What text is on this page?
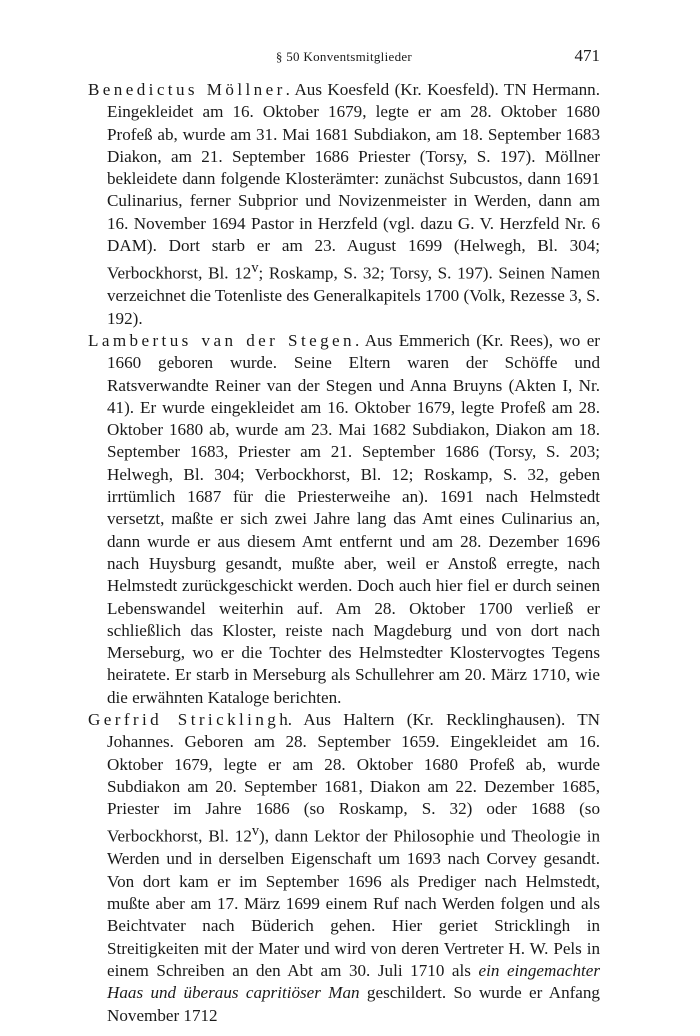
§ 50 Konventsmitglieder	471

Benedictus Möllner. Aus Koesfeld (Kr. Koesfeld). TN Hermann. Eingekleidet am 16. Oktober 1679, legte er am 28. Oktober 1680 Profeß ab, wurde am 31. Mai 1681 Subdiakon, am 18. September 1683 Diakon, am 21. September 1686 Priester (Torsy, S. 197). Möllner bekleidete dann folgende Klosterämter: zunächst Subcustos, dann 1691 Culinarius, ferner Subprior und Novizenmeister in Werden, dann am 16. November 1694 Pastor in Herzfeld (vgl. dazu G. V. Herzfeld Nr. 6 DAM). Dort starb er am 23. August 1699 (Helwegh, Bl. 304; Verbockhorst, Bl. 12$^v$; Roskamp, S. 32; Torsy, S. 197). Seinen Namen verzeichnet die Totenliste des Generalkapitels 1700 (Volk, Rezesse 3, S. 192).

Lambertus van der Stegen. Aus Emmerich (Kr. Rees), wo er 1660 geboren wurde. Seine Eltern waren der Schöffe und Ratsverwandte Reiner van der Stegen und Anna Bruyns (Akten I, Nr. 41). Er wurde eingekleidet am 16. Oktober 1679, legte Profeß am 28. Oktober 1680 ab, wurde am 23. Mai 1682 Subdiakon, Diakon am 18. September 1683, Priester am 21. September 1686 (Torsy, S. 203; Helwegh, Bl. 304; Verbockhorst, Bl. 12; Roskamp, S. 32, geben irrtümlich 1687 für die Priesterweihe an). 1691 nach Helmstedt versetzt, maßte er sich zwei Jahre lang das Amt eines Culinarius an, dann wurde er aus diesem Amt entfernt und am 28. Dezember 1696 nach Huysburg gesandt, mußte aber, weil er Anstoß erregte, nach Helmstedt zurückgeschickt werden. Doch auch hier fiel er durch seinen Lebenswandel weiterhin auf. Am 28. Oktober 1700 verließ er schließlich das Kloster, reiste nach Magdeburg und von dort nach Merseburg, wo er die Tochter des Helmstedter Klostervogtes Tegens heiratete. Er starb in Merseburg als Schullehrer am 20. März 1710, wie die erwähnten Kataloge berichten.

Gerfrid Stricklingh. Aus Haltern (Kr. Recklinghausen). TN Johannes. Geboren am 28. September 1659. Eingekleidet am 16. Oktober 1679, legte er am 28. Oktober 1680 Profeß ab, wurde Subdiakon am 20. September 1681, Diakon am 22. Dezember 1685, Priester im Jahre 1686 (so Roskamp, S. 32) oder 1688 (so Verbockhorst, Bl. 12$^v$), dann Lektor der Philosophie und Theologie in Werden und in derselben Eigenschaft um 1693 nach Corvey gesandt. Von dort kam er im September 1696 als Prediger nach Helmstedt, mußte aber am 17. März 1699 einem Ruf nach Werden folgen und als Beichtvater nach Büderich gehen. Hier geriet Stricklingh in Streitigkeiten mit der Mater und wird von deren Vertreter H. W. Pels in einem Schreiben an den Abt am 30. Juli 1710 als ein eingemachter Haas und überaus capritiöser Man geschildert. So wurde er Anfang November 1712
